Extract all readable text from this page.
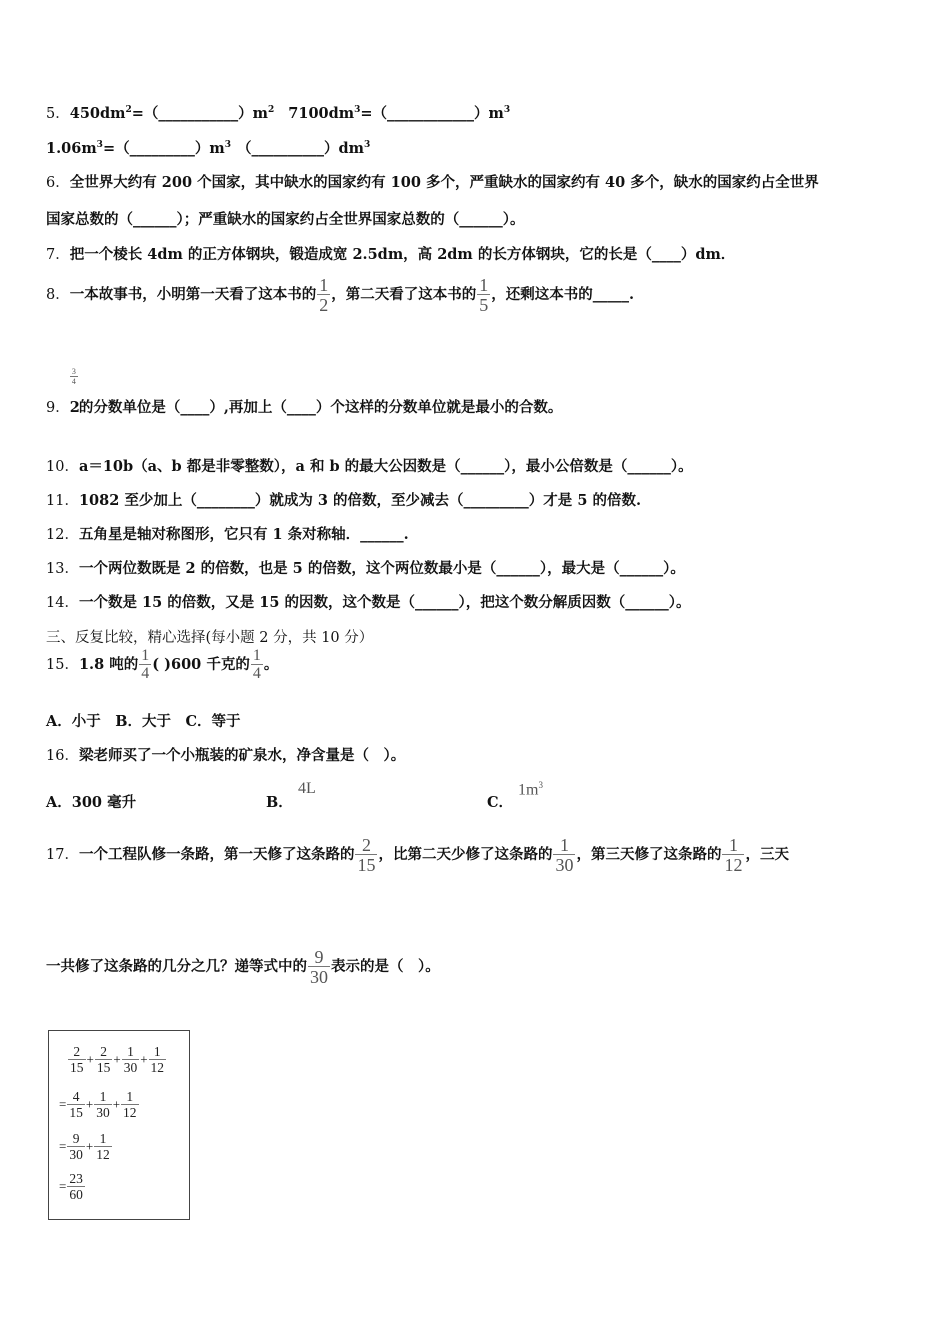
5．$450dm^2=(\_\_\_\_\_\_\_\_\_\_\_)m^2$ $7100dm^3=(\_\_\_\_\_\_\_\_\_\_\_\_)m^3$
$1.06m^3=(\_\_\_\_\_\_\_\_\_)m^3$ $(\_\_\_\_\_\_\_\_\_\_)dm^3$
6．全世界大约有 200 个国家，其中缺水的国家约有 100 多个，严重缺水的国家约有 40 多个，缺水的国家约占全世界
国家总数的（______）；严重缺水的国家约占全世界国家总数的（______）。
7．把一个棱长 4dm 的正方体钢块，锻造成宽 2.5dm，高 2dm 的长方体钢块，它的长是（____）dm．
8．一本故事书，小明第一天看了这本书的 $\frac{1}{2}$ ，第二天看了这本书的 $\frac{1}{5}$ ，还剩这本书的_____.
9．2
$\frac{3}{4}$
的分数单位是（____）,再加上（____）个这样的分数单位就是最小的合数。
10．a＝10b（a、b 都是非零整数），a 和 b 的最大公因数是（______），最小公倍数是（______）。
11．1082 至少加上（________）就成为 3 的倍数，至少减去（_________）才是 5 的倍数.
12．五角星是轴对称图形，它只有 1 条对称轴．______.
13．一个两位数既是 2 的倍数，也是 5 的倍数，这个两位数最小是（______），最大是（______）。
14．一个数是 15 的倍数，又是 15 的因数，这个数是（______），把这个数分解质因数（______）。
三、反复比较，精心选择(每小题 2 分，共 10 分）
15．1.8 吨的 $\frac{1}{4}$ ( )600 千克的 $\frac{1}{4}$ 。
A．小于　B．大于　C．等于
16．梁老师买了一个小瓶装的矿泉水，净含量是（　）。
A．300 毫升	B．
4L
C．
$1m^3$
17．一个工程队修一条路，第一天修了这条路的 $\frac{2}{15}$ ，比第二天少修了这条路的 $\frac{1}{30}$ ，第三天修了这条路的 $\frac{1}{12}$ ，三天
一共修了这条路的几分之几？递等式中的 $\frac{9}{30}$ 表示的是（　）。
$\frac{2}{15} + \frac{2}{15} + \frac{1}{30} + \frac{1}{12}$
= $\frac{4}{15} + \frac{1}{30} + \frac{1}{12}$
= $\frac{9}{30} + \frac{1}{12}$
= $\frac{23}{60}$
